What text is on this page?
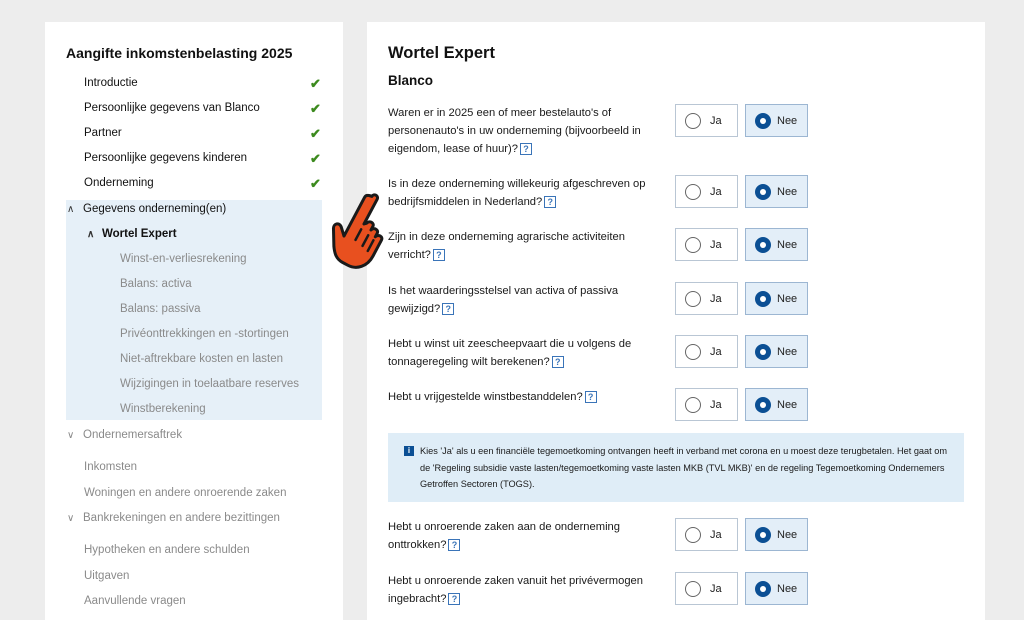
Aangifte inkomstenbelasting 2025
Introductie	✔
Persoonlijke gegevens van Blanco	✔
Partner	✔
Persoonlijke gegevens kinderen	✔
Onderneming	✔
∧ Gegevens onderneming(en)
∧ Wortel Expert
Winst-en-verliesrekening
Balans: activa
Balans: passiva
Privéonttrekkingen en -stortingen
Niet-aftrekbare kosten en lasten
Wijzigingen in toelaatbare reserves
Winstberekening
∨ Ondernemersaftrek
Inkomsten
Woningen en andere onroerende zaken
∨ Bankrekeningen en andere bezittingen
Hypotheken en andere schulden
Uitgaven
Aanvullende vragen
Wortel Expert
Blanco
Waren er in 2025 een of meer bestelauto's of personenauto's in uw onderneming (bijvoorbeeld in eigendom, lease of huur)? ?
Ja	Nee
Is in deze onderneming willekeurig afgeschreven op bedrijfsmiddelen in Nederland? ?
Ja	Nee
Zijn in deze onderneming agrarische activiteiten verricht? ?
Ja	Nee
Is het waarderingsstelsel van activa of passiva gewijzigd? ?
Ja	Nee
Hebt u winst uit zeescheepvaart die u volgens de tonnageregeling wilt berekenen? ?
Ja	Nee
Hebt u vrijgestelde winstbestanddelen? ?
Ja	Nee
i	Kies 'Ja' als u een financiële tegemoetkoming ontvangen heeft in verband met corona en u moest deze terugbetalen. Het gaat om de 'Regeling subsidie vaste lasten/tegemoetkoming vaste lasten MKB (TVL MKB)' en de regeling Tegemoetkoming Ondernemers Getroffen Sectoren (TOGS).
Hebt u onroerende zaken aan de onderneming onttrokken? ?
Ja	Nee
Hebt u onroerende zaken vanuit het privévermogen ingebracht? ?
Ja	Nee
